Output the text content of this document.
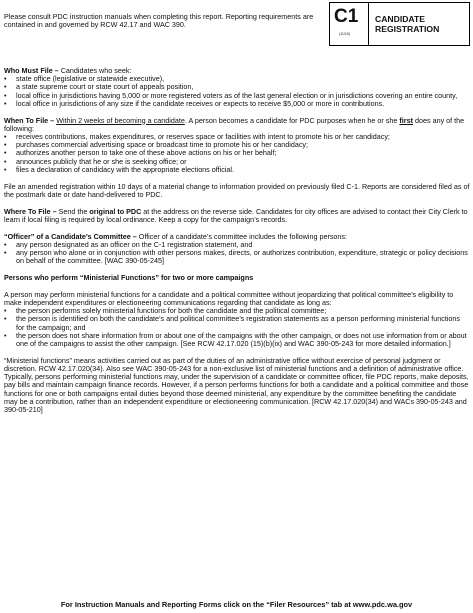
Please consult PDC instruction manuals when completing this report. Reporting requirements are contained in and governed by RCW 42.17 and WAC 390.	C1
(11/10)
CANDIDATE
REGISTRATION

Who Must File – Candidates who seek:

• state office (legislative or statewide executive),
• a state supreme court or state court of appeals position,
• local office in jurisdictions having 5,000 or more registered voters as of the last general election or in jurisdictions covering an entire county,
• local office in jurisdictions of any size if the candidate receives or expects to receive $5,000 or more in contributions.

When To File – Within 2 weeks of becoming a candidate. A person becomes a candidate for PDC purposes when he or she first does any of the following:

• receives contributions, makes expenditures, or reserves space or facilities with intent to promote his or her candidacy;
• purchases commercial advertising space or broadcast time to promote his or her candidacy;
• authorizes another person to take one of these above actions on his or her behalf;
• announces publicly that he or she is seeking office; or
• files a declaration of candidacy with the appropriate elections official.

File an amended registration within 10 days of a material change to information provided on previously filed C-1. Reports are considered filed as of the postmark date or date hand-delivered to PDC.

Where To File – Send the original to PDC at the address on the reverse side. Candidates for city offices are advised to contact their City Clerk to learn if local filing is required by local ordinance. Keep a copy for the campaign’s records.

“Officer” of a Candidate’s Committee – Officer of a candidate’s committee includes the following persons:

• any person designated as an officer on the C-1 registration statement, and
• any person who alone or in conjunction with other persons makes, directs, or authorizes contribution, expenditure, strategic or policy decisions on behalf of the committee. [WAC 390-05-245]

Persons who perform “Ministerial Functions” for two or more campaigns

A person may perform ministerial functions for a candidate and a political committee without jeopardizing that political committee’s eligibility to make independent expenditures or electioneering communications regarding that candidate as long as:

• the person performs solely ministerial functions for both the candidate and the political committee;
• the person is identified on both the candidate’s and political committee’s registration statements as a person performing ministerial functions for the campaign; and
• the person does not share information from or about one of the campaigns with the other campaign, or does not use information from or about one of the campaigns to assist the other campaign. [See RCW 42.17.020 (15)(b)(ix) and WAC 390-05-243 for more detailed information.]

“Ministerial functions” means activities carried out as part of the duties of an administrative office without exercise of personal judgment or discretion. RCW 42.17.020(34). Also see WAC 390-05-243 for a non-exclusive list of ministerial functions and a definition of administrative office. Typically, persons performing ministerial functions may, under the supervision of a candidate or committee officer, file PDC reports, make deposits, pay bills and maintain campaign finance records. However, if a person performs functions for both a candidate and a political committee and those functions for one or both campaigns entail duties beyond those deemed ministerial, any expenditure by the committee benefiting the candidate may be a contribution, rather than an independent expenditure or electioneering communication. [RCW 42.17.020(34) and WACs 390-05-243 and 390-05-210]

For Instruction Manuals and Reporting Forms click on the “Filer Resources” tab at www.pdc.wa.gov
